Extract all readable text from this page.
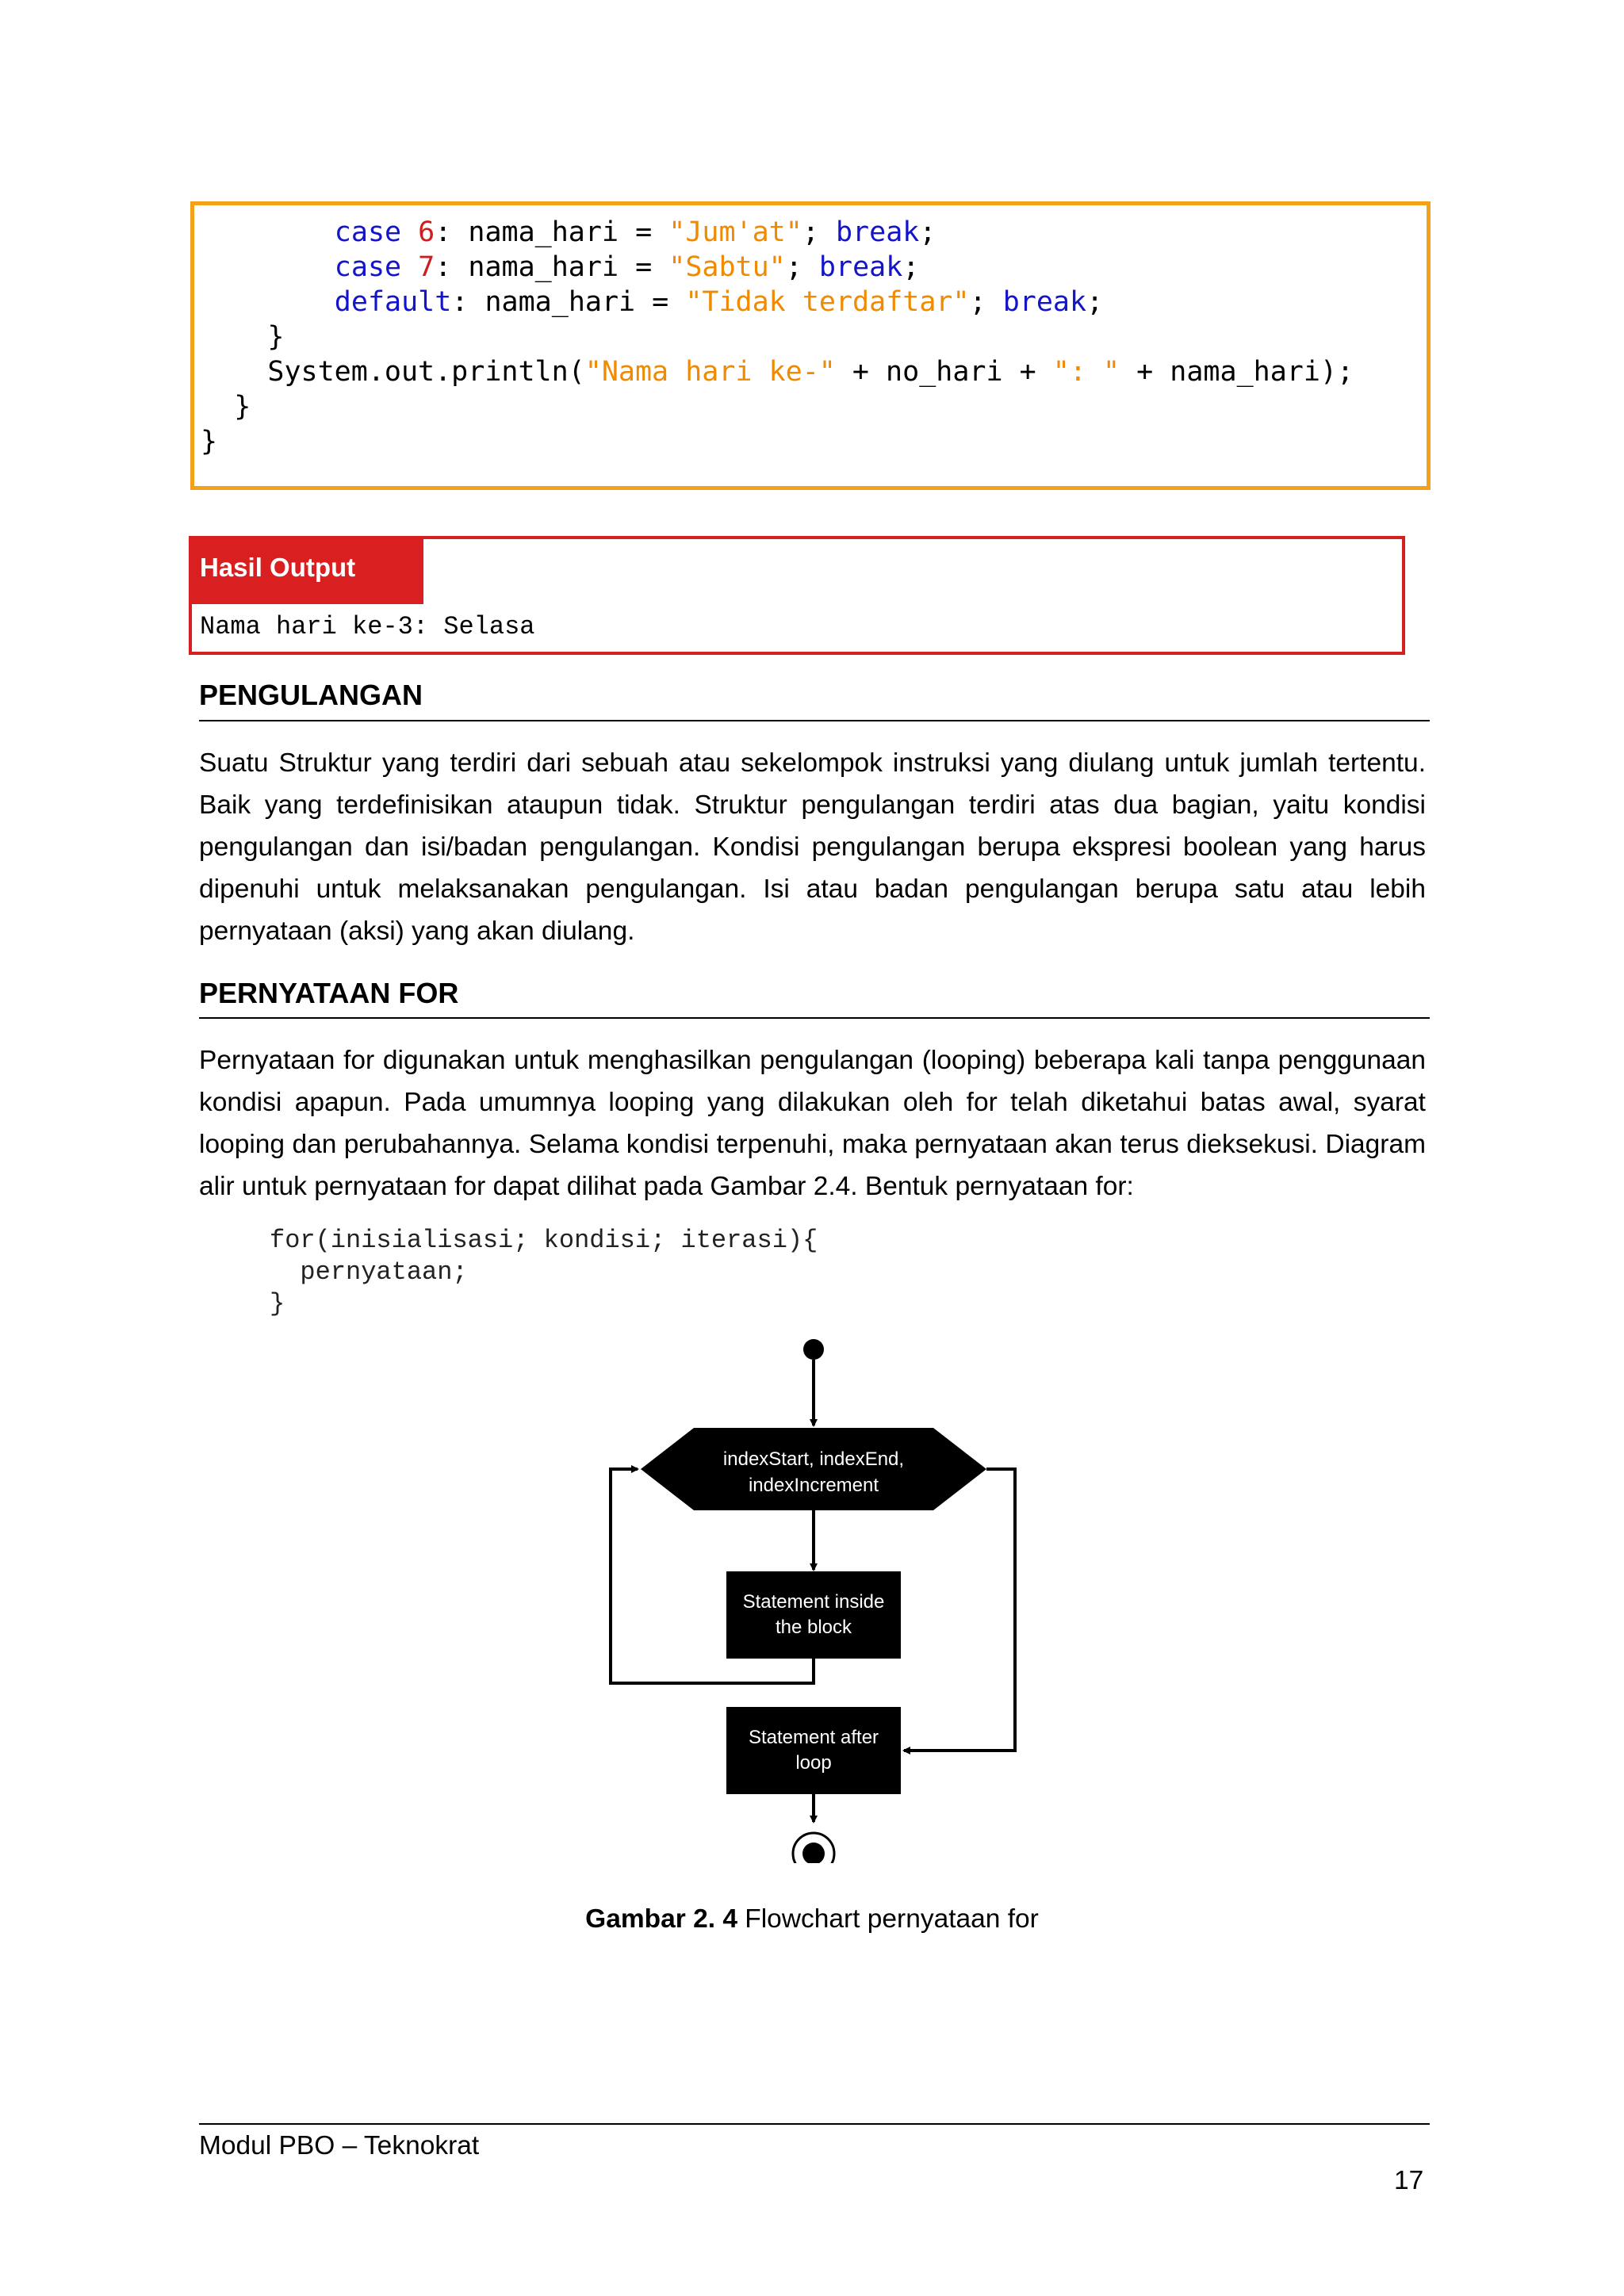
case 6: nama_hari = "Jum'at"; break;
case 7: nama_hari = "Sabtu"; break;
default: nama_hari = "Tidak terdaftar"; break;
}
System.out.println("Nama hari ke-" + no_hari + ": " + nama_hari);
}
}
Hasil Output
Nama hari ke-3: Selasa
PENGULANGAN

Suatu Struktur yang terdiri dari sebuah atau sekelompok instruksi yang diulang untuk jumlah tertentu. Baik yang terdefinisikan ataupun tidak. Struktur pengulangan terdiri atas dua bagian, yaitu kondisi pengulangan dan isi/badan pengulangan. Kondisi pengulangan berupa ekspresi boolean yang harus dipenuhi untuk melaksanakan pengulangan. Isi atau badan pengulangan berupa satu atau lebih pernyataan (aksi) yang akan diulang.

PERNYATAAN FOR

Pernyataan for digunakan untuk menghasilkan pengulangan (looping) beberapa kali tanpa penggunaan kondisi apapun. Pada umumnya looping yang dilakukan oleh for telah diketahui batas awal, syarat looping dan perubahannya. Selama kondisi terpenuhi, maka pernyataan akan terus dieksekusi. Diagram alir untuk pernyataan for dapat dilihat pada Gambar 2.4. Bentuk pernyataan for:

for(inisialisasi; kondisi; iterasi){
pernyataan;
}
indexStart, indexEnd,
indexIncrement
Statement inside
the block
Statement after
loop
Gambar 2. 4 Flowchart pernyataan for
Modul PBO – Teknokrat
17
